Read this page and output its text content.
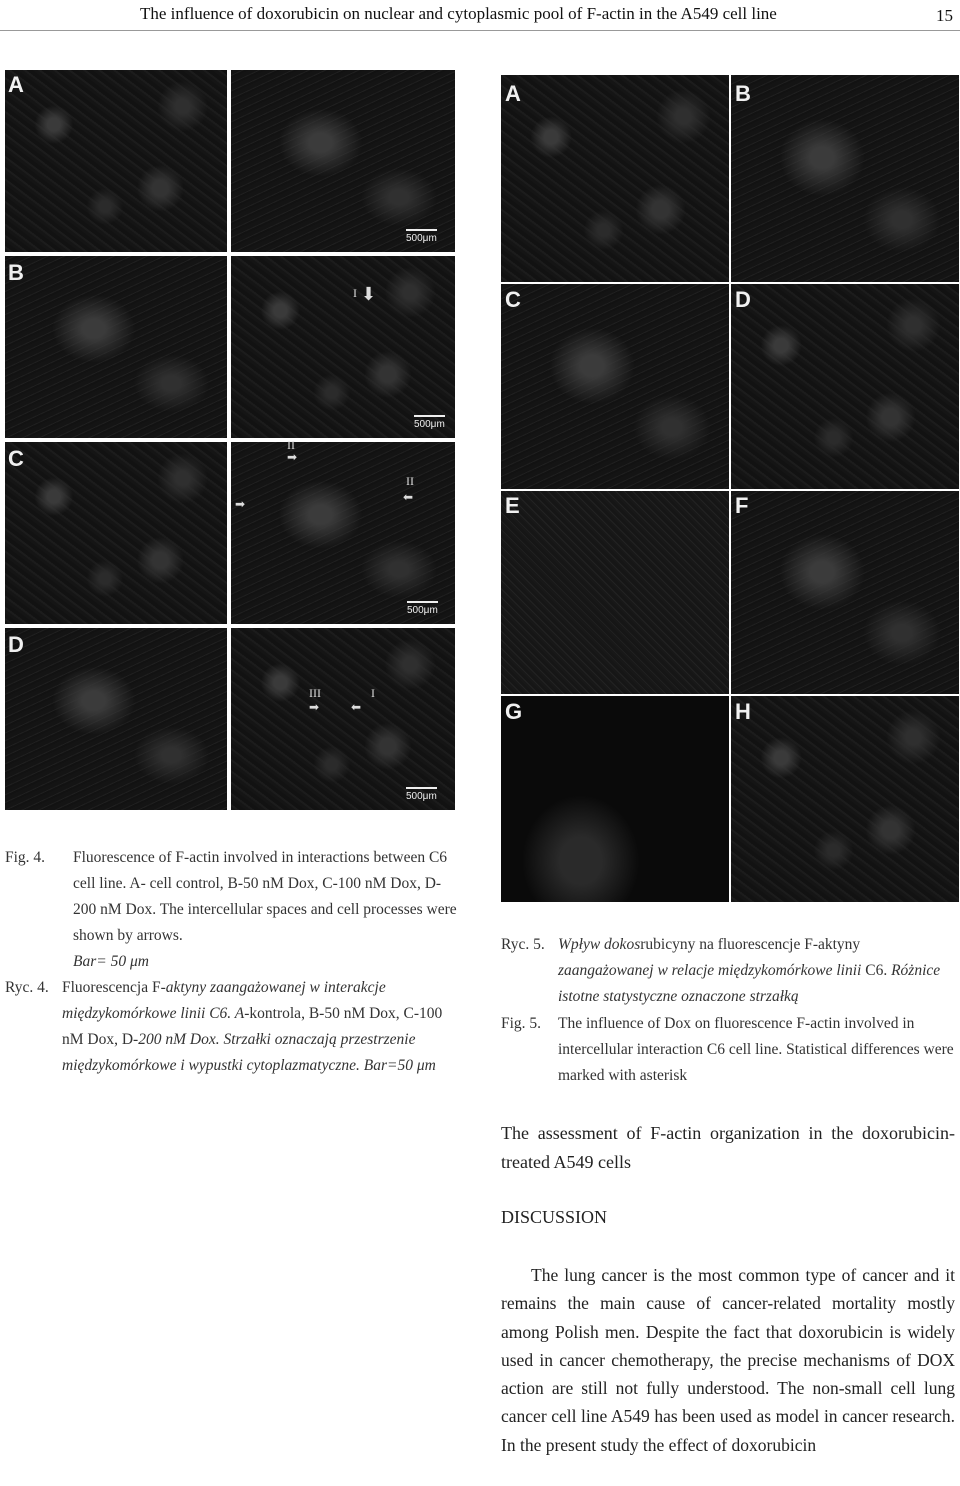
The influence of doxorubicin on nuclear and cytoplasmic pool of F-actin in the A549 cell line	15
500μm
A
I ⬇
500μm
B
II
➡
➡
II
⬅
500μm
C
III
➡
I
⬅
500μm
D
Fig. 4. Fluorescence of F-actin involved in interactions between C6 cell line. A- cell control, B-50 nM Dox, C-100 nM Dox, D-200 nM Dox. The intercellular spaces and cell processes were shown by arrows.
Bar= 50 μm
Ryc. 4. Fluorescencja F-aktyny zaangażowanej w interakcje międzykomórkowe linii C6. A-kontrola, B-50 nM Dox, C-100 nM Dox, D-200 nM Dox. Strzałki oznaczają przestrzenie międzykomórkowe i wypustki cytoplazmatyczne. Bar=50 μm
A	B
C	D
E	F
G	H
Ryc. 5. Wpływ dokosrubicyny na fluorescencje F-aktyny zaangażowanej w relacje międzykomórkowe linii C6. Różnice istotne statystyczne oznaczone strzałką
Fig. 5. The influence of Dox on fluorescence F-actin involved in intercellular interaction C6 cell line. Statistical differences were marked with asterisk
The assessment of F-actin organization in the doxorubicin-treated A549 cells
DISCUSSION
The lung cancer is the most common type of cancer and it remains the main cause of cancer-related mortality mostly among Polish men. Despite the fact that doxorubicin is widely used in cancer chemotherapy, the precise mechanisms of DOX action are still not fully understood. The non-small cell lung cancer cell line A549 has been used as model in cancer research. In the present study the effect of doxorubicin
